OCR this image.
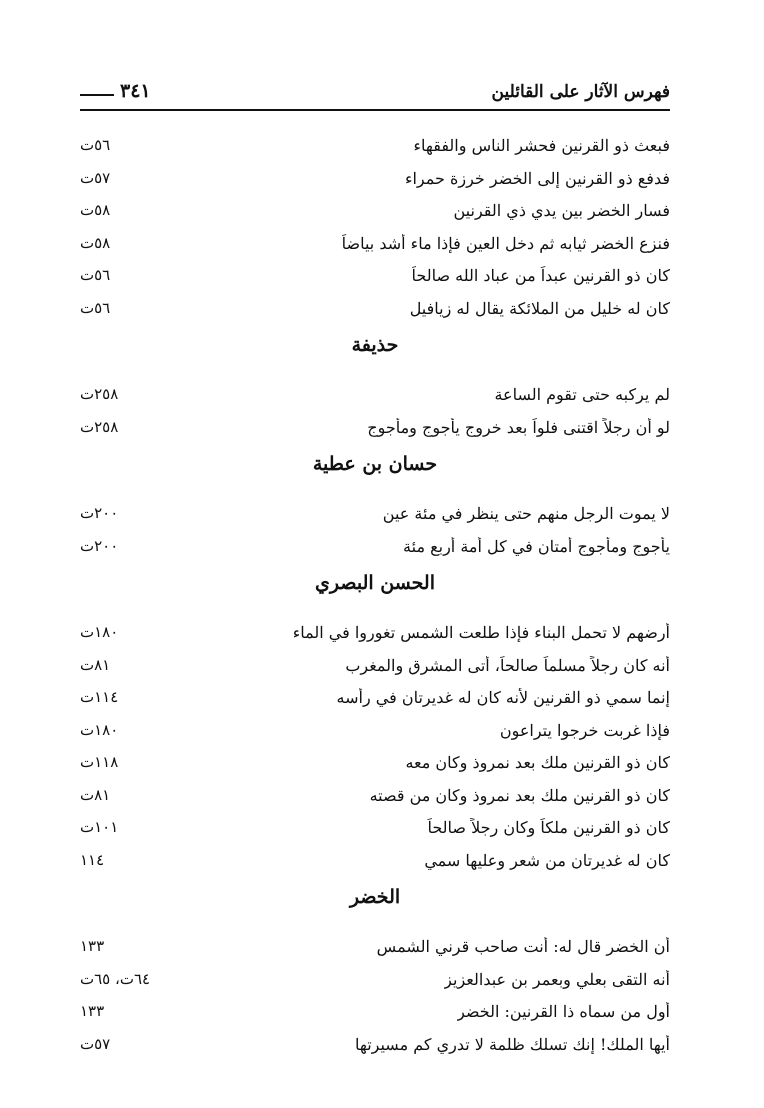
فهرس الآثار على القائلين
٣٤١
فبعث ذو القرنين فحشر الناس والفقهاء
٥٦ت
فدفع ذو القرنين إلى الخضر خرزة حمراء
٥٧ت
فسار الخضر بين يدي ذي القرنين
٥٨ت
فنزع الخضر ثيابه ثم دخل العين فإذا ماء أشد بياضاً
٥٨ت
كان ذو القرنين عبداً من عباد الله صالحاً
٥٦ت
كان له خليل من الملائكة يقال له زيافيل
٥٦ت
حذيفة
لم يركبه حتى تقوم الساعة
٢٥٨ت
لو أن رجلاً اقتنى فلواً بعد خروج يأجوج ومأجوج
٢٥٨ت
حسان بن عطية
لا يموت الرجل منهم حتى ينظر في مئة عين
٢٠٠ت
يأجوج ومأجوج أمتان في كل أمة أربع مئة
٢٠٠ت
الحسن البصري
أرضهم لا تحمل البناء فإذا طلعت الشمس تغوروا في الماء
١٨٠ت
أنه كان رجلاً مسلماً صالحاً، أتى المشرق والمغرب
٨١ت
إنما سمي ذو القرنين لأنه كان له غديرتان في رأسه
١١٤ت
فإذا غربت خرجوا يتراعون
١٨٠ت
كان ذو القرنين ملك بعد نمروذ وكان معه
١١٨ت
كان ذو القرنين ملك بعد نمروذ وكان من قصته
٨١ت
كان ذو القرنين ملكاً وكان رجلاً صالحاً
١٠١ت
كان له غديرتان من شعر وعليها سمي
١١٤
الخضر
أن الخضر قال له: أنت صاحب قرني الشمس
١٣٣
أنه التقى بعلي وبعمر بن عبدالعزيز
٦٤ت، ٦٥ت
أول من سماه ذا القرنين: الخضر
١٣٣
أيها الملك! إنك تسلك ظلمة لا تدري كم مسيرتها
٥٧ت
